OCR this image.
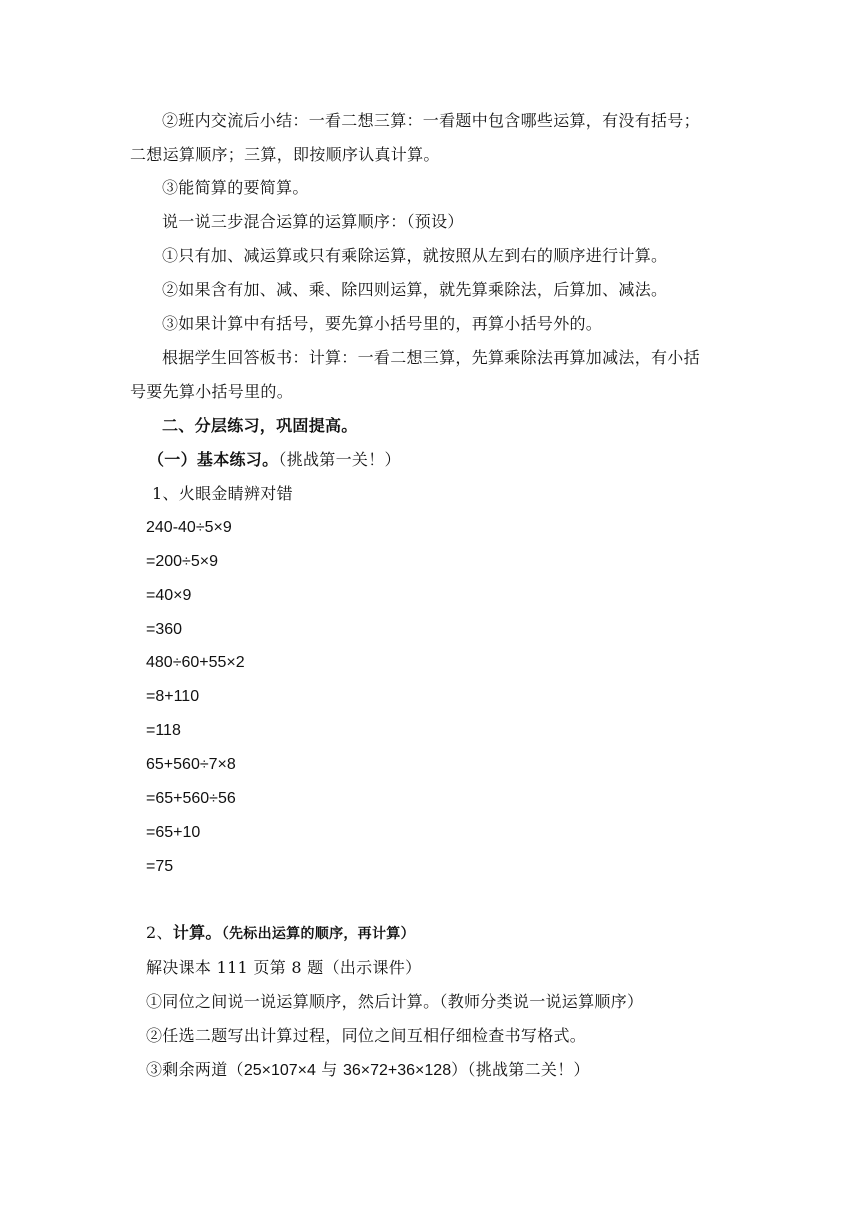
②班内交流后小结：一看二想三算：一看题中包含哪些运算，有没有括号；
二想运算顺序；三算，即按顺序认真计算。
③能简算的要简算。
说一说三步混合运算的运算顺序：（预设）
①只有加、减运算或只有乘除运算，就按照从左到右的顺序进行计算。
②如果含有加、减、乘、除四则运算，就先算乘除法，后算加、减法。
③如果计算中有括号，要先算小括号里的，再算小括号外的。
根据学生回答板书：计算：一看二想三算，先算乘除法再算加减法，有小括
号要先算小括号里的。
二、分层练习，巩固提高。
（一）基本练习。（挑战第一关！）
1、火眼金睛辨对错
240-40÷5×9
=200÷5×9
=40×9
=360
480÷60+55×2
=8+110
=118
65+560÷7×8
=65+560÷56
=65+10
=75
2、计算。（先标出运算的顺序，再计算）
解决课本 111 页第 8 题（出示课件）
①同位之间说一说运算顺序，然后计算。（教师分类说一说运算顺序）
②任选二题写出计算过程，同位之间互相仔细检查书写格式。
③剩余两道（25×107×4 与 36×72+36×128）（挑战第二关！）
